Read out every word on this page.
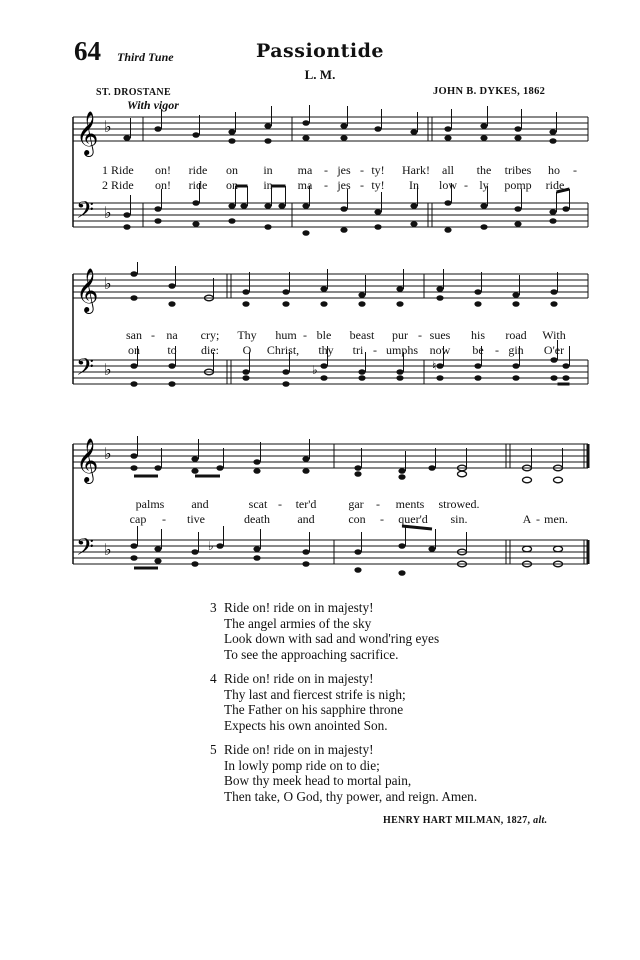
64 Third Tune	Passiontide
L. M.
ST. DROSTANE	JOHN B. DYKES, 1862
With vigor
𝄞
𝄢
♭
♭
1 Ride on! ride on in ma - jes - ty! Hark! all the tribes ho -
2 Ride on! ride on in ma - jes - ty! In low - ly pomp ride
𝄞
𝄢
♭
♭	♭	♮
san - na cry; Thy hum - ble beast pur - sues his road With
on to die: O Christ, thy tri - umphs now be - gin O'er
𝄞
𝄢
♭
♭	♭
palms and	scat - ter'd	gar - ments strowed.
cap - tive	death and	con - quer'd sin.	A - men.
3 Ride on! ride on in majesty!
The angel armies of the sky
Look down with sad and wond'ring eyes
To see the approaching sacrifice.
4 Ride on! ride on in majesty!
Thy last and fiercest strife is nigh;
The Father on his sapphire throne
Expects his own anointed Son.
5 Ride on! ride on in majesty!
In lowly pomp ride on to die;
Bow thy meek head to mortal pain,
Then take, O God, thy power, and reign. Amen.
HENRY HART MILMAN, 1827, alt.
